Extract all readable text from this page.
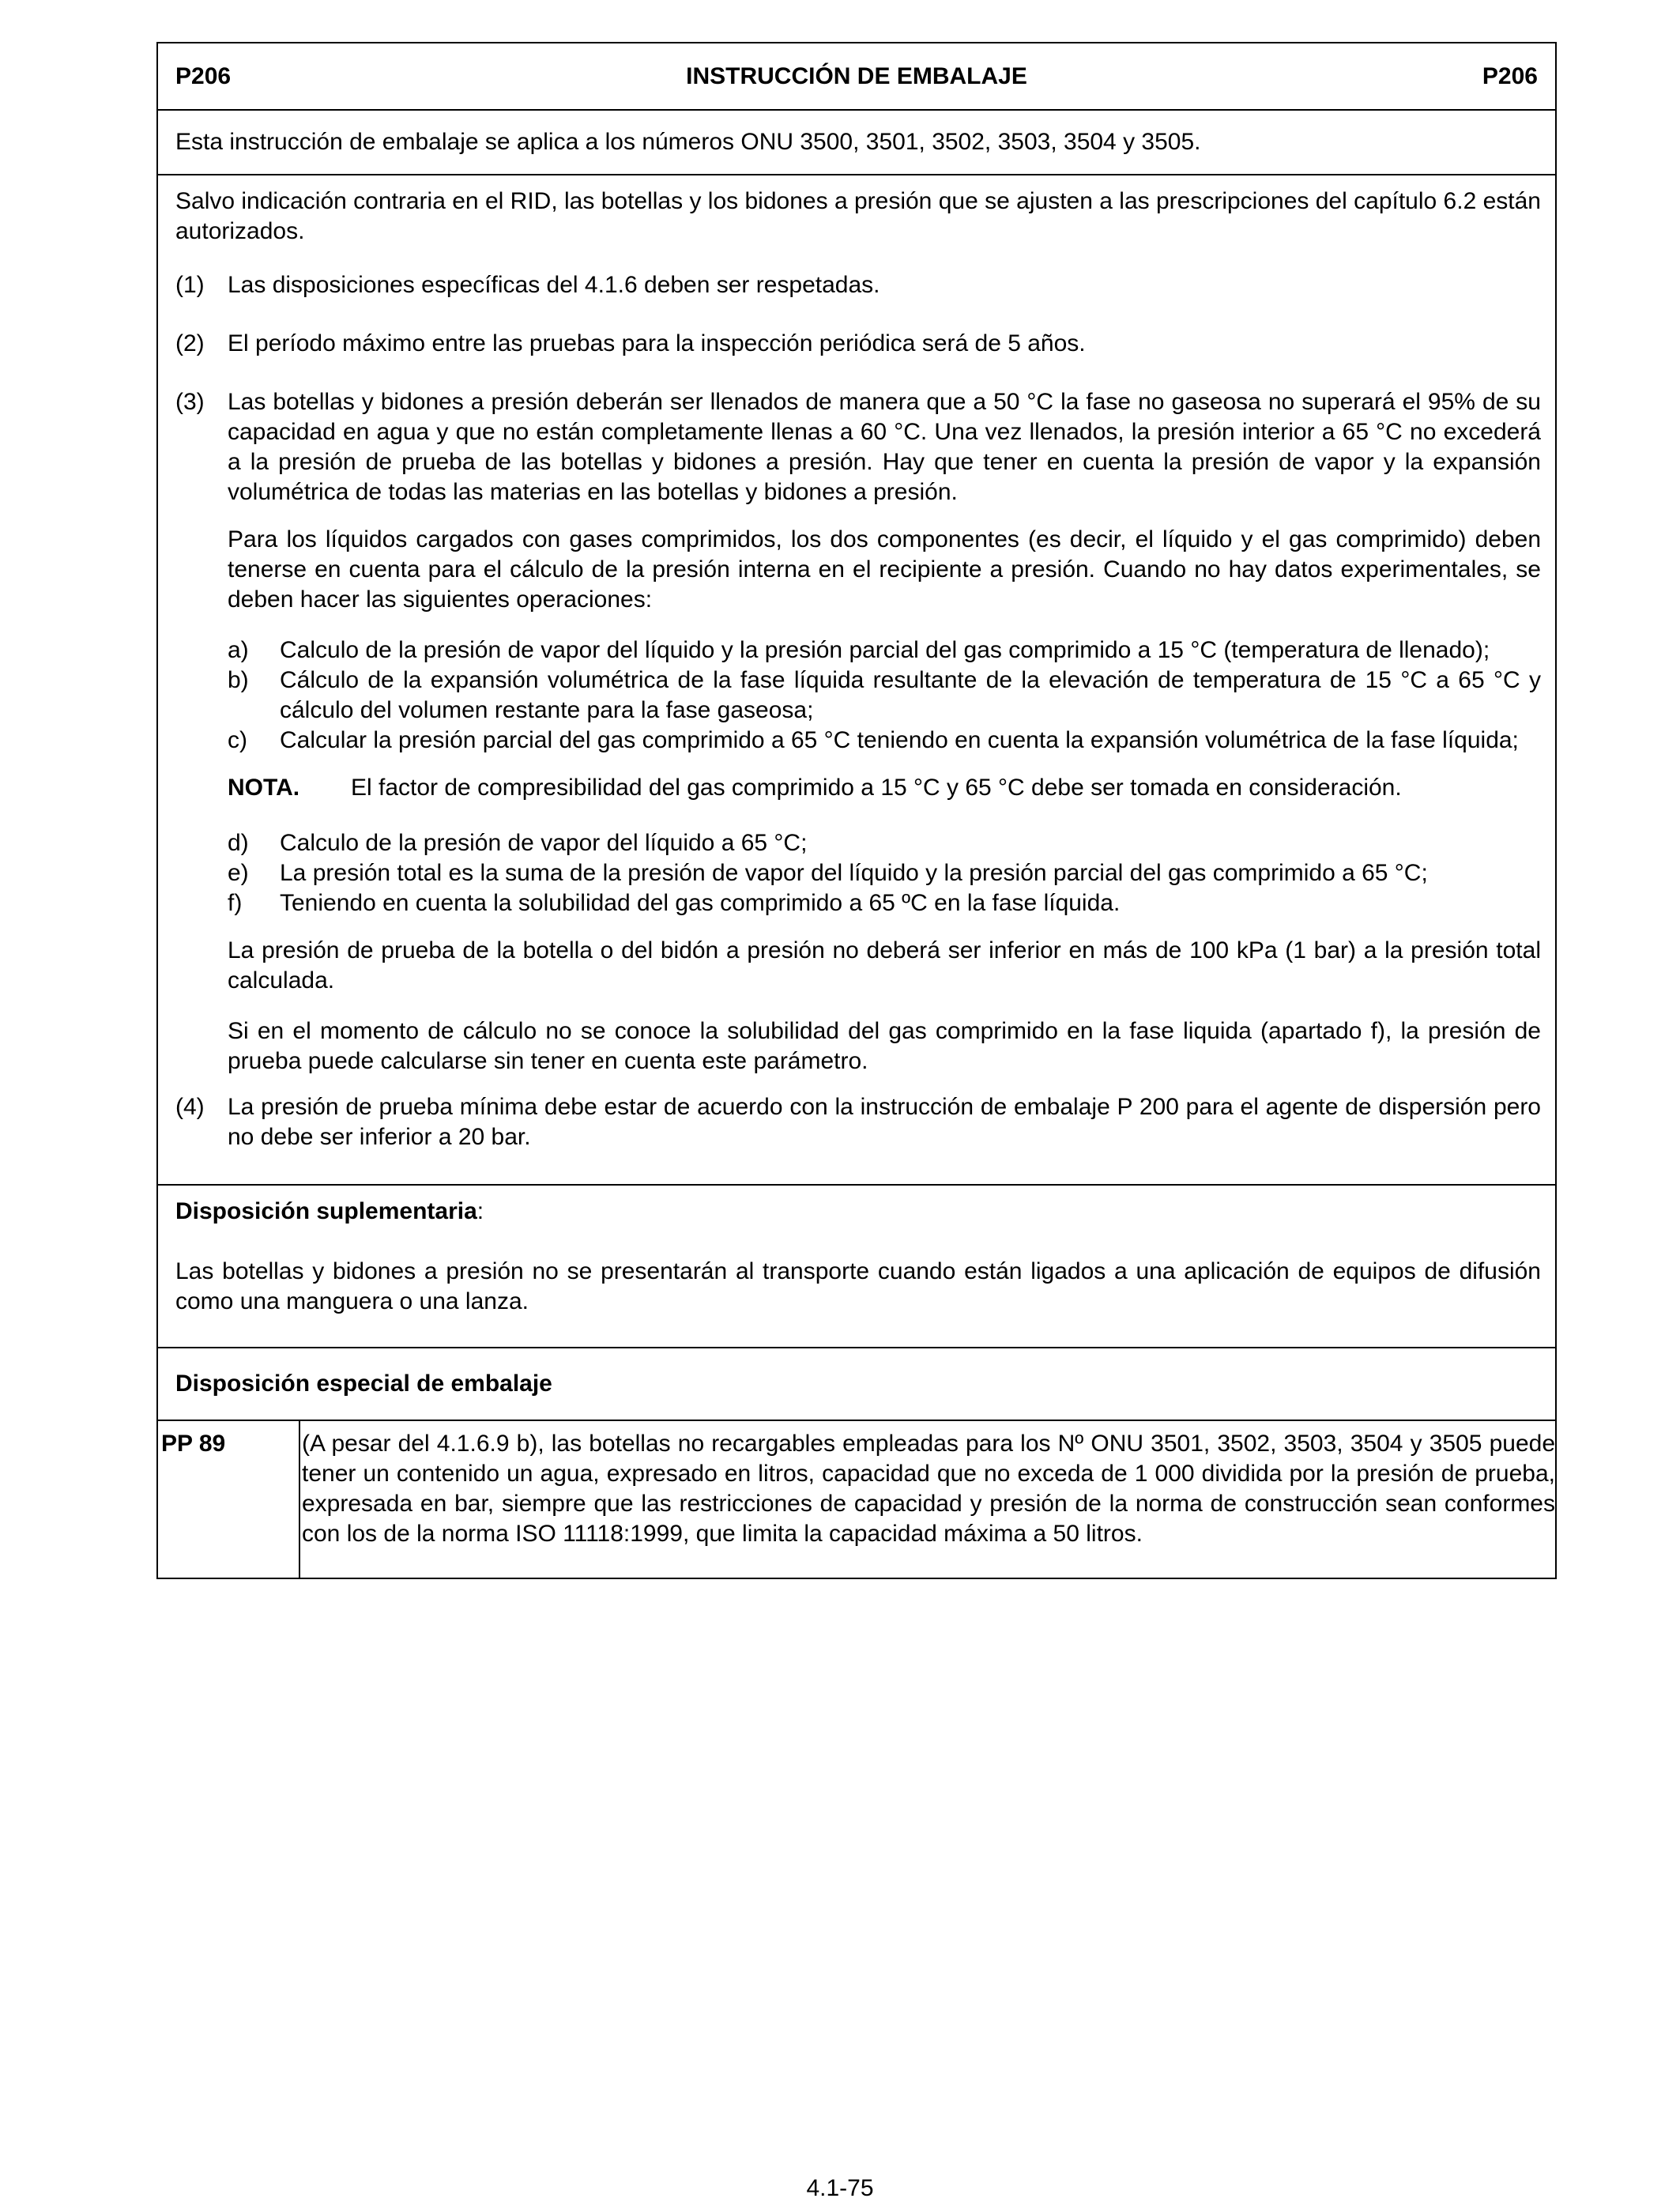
P206	INSTRUCCIÓN DE EMBALAJE	P206

Esta instrucción de embalaje se aplica a los números ONU 3500, 3501, 3502, 3503, 3504 y 3505.

Salvo indicación contraria en el RID, las botellas y los bidones a presión que se ajusten a las prescripciones del capítulo 6.2 están autorizados.

(1) Las disposiciones específicas del 4.1.6 deben ser respetadas.
(2) El período máximo entre las pruebas para la inspección periódica será de 5 años.
(3) Las botellas y bidones a presión deberán ser llenados de manera que a 50 °C la fase no gaseosa no superará el 95% de su capacidad en agua y que no están completamente llenas a 60 °C. Una vez llenados, la presión interior a 65 °C no excederá a la presión de prueba de las botellas y bidones a presión. Hay que tener en cuenta la presión de vapor y la expansión volumétrica de todas las materias en las botellas y bidones a presión.

Para los líquidos cargados con gases comprimidos, los dos componentes (es decir, el líquido y el gas comprimido) deben tenerse en cuenta para el cálculo de la presión interna en el recipiente a presión. Cuando no hay datos experimentales, se deben hacer las siguientes operaciones:

a)	Calculo de la presión de vapor del líquido y la presión parcial del gas comprimido a 15 °C (temperatura de llenado);
b)	Cálculo de la expansión volumétrica de la fase líquida resultante de la elevación de temperatura de 15 °C a 65 °C y cálculo del volumen restante para la fase gaseosa;
c)	Calcular la presión parcial del gas comprimido a 65 °C teniendo en cuenta la expansión volumétrica de la fase líquida;
NOTA.	El factor de compresibilidad del gas comprimido a 15 °C y 65 °C debe ser tomada en consideración.
d)	Calculo de la presión de vapor del líquido a 65 °C;
e)	La presión total es la suma de la presión de vapor del líquido y la presión parcial del gas comprimido a 65 °C;
f)	Teniendo en cuenta la solubilidad del gas comprimido a 65 ºC en la fase líquida.

La presión de prueba de la botella o del bidón a presión no deberá ser inferior en más de 100 kPa (1 bar) a la presión total calculada.

Si en el momento de cálculo no se conoce la solubilidad del gas comprimido en la fase liquida (apartado f), la presión de prueba puede calcularse sin tener en cuenta este parámetro.

(4) La presión de prueba mínima debe estar de acuerdo con la instrucción de embalaje P 200 para el agente de dispersión pero no debe ser inferior a 20 bar.

Disposición suplementaria:

Las botellas y bidones a presión no se presentarán al transporte cuando están ligados a una aplicación de equipos de difusión como una manguera o una lanza.

Disposición especial de embalaje
PP 89	(A pesar del 4.1.6.9 b), las botellas no recargables empleadas para los Nº ONU 3501, 3502, 3503, 3504 y 3505 puede tener un contenido un agua, expresado en litros, capacidad que no exceda de 1 000 dividida por la presión de prueba, expresada en bar, siempre que las restricciones de capacidad y presión de la norma de construcción sean conformes con los de la norma ISO 11118:1999, que limita la capacidad máxima a 50 litros.
4.1-75
